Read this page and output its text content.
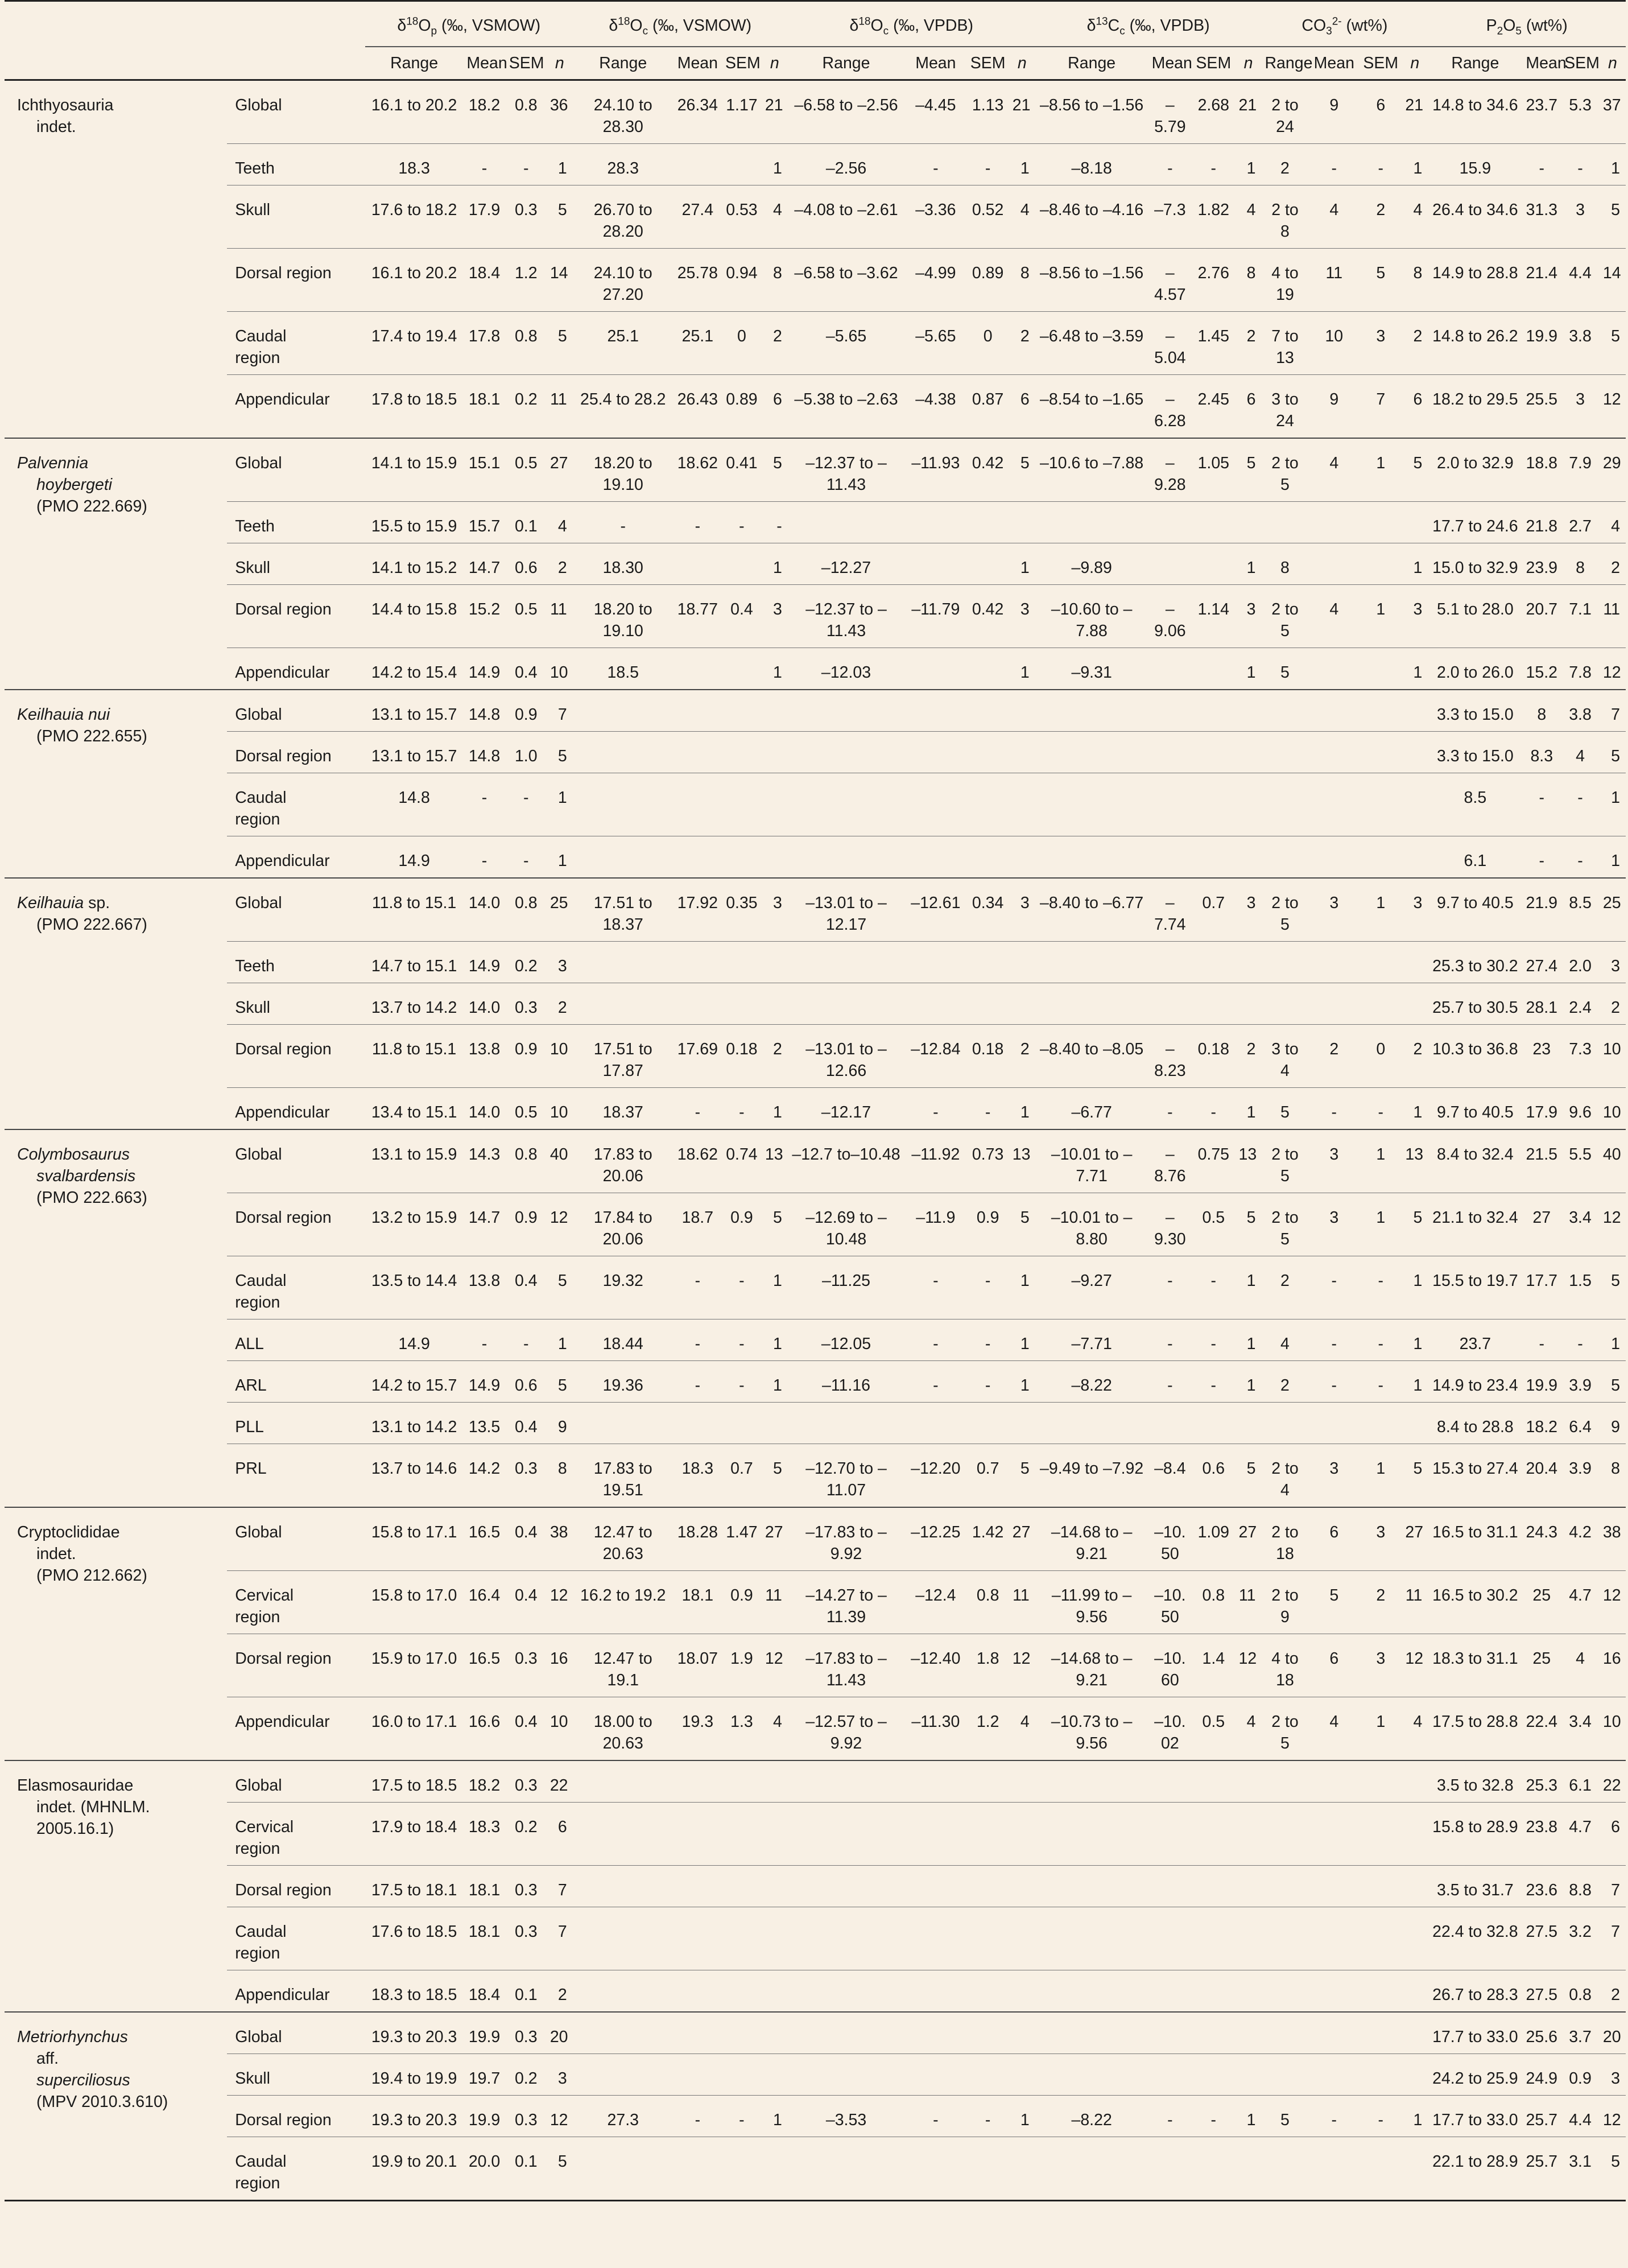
		$\delta^{18}O_p$ (‰, VSMOW)				$\delta^{18}O_c$ (‰, VSMOW)				$\delta^{18}O_c$ (‰, VPDB)				$\delta^{13}C_c$ (‰, VPDB)				$CO_3^{2-}$ (wt%)				$P_2O_5$ (wt%)			
		Range	Mean	SEM	n	Range	Mean	SEM	n	Range	Mean	SEM	n	Range	Mean	SEM	n	Range	Mean	SEM	n	Range	Mean	SEM	n
Ichthyosauria
indet.	Global	16.1 to 20.2	18.2	0.8	36	24.10 to 28.30	26.34	1.17	21	–6.58 to –2.56	–4.45	1.13	21	–8.56 to –1.56	–5.79	2.68	21	2 to 24	9	6	21	14.8 to 34.6	23.7	5.3	37
	Teeth	18.3	-	-	1	28.3			1	–2.56	-	-	1	–8.18	-	-	1	2	-	-	1	15.9	-	-	1
	Skull	17.6 to 18.2	17.9	0.3	5	26.70 to 28.20	27.4	0.53	4	–4.08 to –2.61	–3.36	0.52	4	–8.46 to –4.16	–7.3	1.82	4	2 to 8	4	2	4	26.4 to 34.6	31.3	3	5
	Dorsal region	16.1 to 20.2	18.4	1.2	14	24.10 to 27.20	25.78	0.94	8	–6.58 to –3.62	–4.99	0.89	8	–8.56 to –1.56	–4.57	2.76	8	4 to 19	11	5	8	14.9 to 28.8	21.4	4.4	14
	Caudal region	17.4 to 19.4	17.8	0.8	5	25.1	25.1	0	2	–5.65	–5.65	0	2	–6.48 to –3.59	–5.04	1.45	2	7 to 13	10	3	2	14.8 to 26.2	19.9	3.8	5
	Appendicular	17.8 to 18.5	18.1	0.2	11	25.4 to 28.2	26.43	0.89	6	–5.38 to –2.63	–4.38	0.87	6	–8.54 to –1.65	–6.28	2.45	6	3 to 24	9	7	6	18.2 to 29.5	25.5	3	12
Palvennia
hoybergeti
(PMO 222.669)	Global	14.1 to 15.9	15.1	0.5	27	18.20 to 19.10	18.62	0.41	5	–12.37 to –11.43	–11.93	0.42	5	–10.6 to –7.88	–9.28	1.05	5	2 to 5	4	1	5	2.0 to 32.9	18.8	7.9	29
	Teeth	15.5 to 15.9	15.7	0.1	4	-	-	-	-													17.7 to 24.6	21.8	2.7	4
	Skull	14.1 to 15.2	14.7	0.6	2	18.30			1	–12.27			1	–9.89			1	8			1	15.0 to 32.9	23.9	8	2
	Dorsal region	14.4 to 15.8	15.2	0.5	11	18.20 to 19.10	18.77	0.4	3	–12.37 to –11.43	–11.79	0.42	3	–10.60 to –7.88	–9.06	1.14	3	2 to 5	4	1	3	5.1 to 28.0	20.7	7.1	11
	Appendicular	14.2 to 15.4	14.9	0.4	10	18.5			1	–12.03			1	–9.31			1	5			1	2.0 to 26.0	15.2	7.8	12
Keilhauia nui
(PMO 222.655)	Global	13.1 to 15.7	14.8	0.9	7																	3.3 to 15.0	8	3.8	7
	Dorsal region	13.1 to 15.7	14.8	1.0	5																	3.3 to 15.0	8.3	4	5
	Caudal region	14.8	-	-	1																	8.5	-	-	1
	Appendicular	14.9	-	-	1																	6.1	-	-	1
Keilhauia sp.
(PMO 222.667)	Global	11.8 to 15.1	14.0	0.8	25	17.51 to 18.37	17.92	0.35	3	–13.01 to –12.17	–12.61	0.34	3	–8.40 to –6.77	–7.74	0.7	3	2 to 5	3	1	3	9.7 to 40.5	21.9	8.5	25
	Teeth	14.7 to 15.1	14.9	0.2	3																	25.3 to 30.2	27.4	2.0	3
	Skull	13.7 to 14.2	14.0	0.3	2																	25.7 to 30.5	28.1	2.4	2
	Dorsal region	11.8 to 15.1	13.8	0.9	10	17.51 to 17.87	17.69	0.18	2	–13.01 to –12.66	–12.84	0.18	2	–8.40 to –8.05	–8.23	0.18	2	3 to 4	2	0	2	10.3 to 36.8	23	7.3	10
	Appendicular	13.4 to 15.1	14.0	0.5	10	18.37	-	-	1	–12.17	-	-	1	–6.77	-	-	1	5	-	-	1	9.7 to 40.5	17.9	9.6	10
Colymbosaurus
svalbardensis
(PMO 222.663)	Global	13.1 to 15.9	14.3	0.8	40	17.83 to 20.06	18.62	0.74	13	–12.7 to–10.48	–11.92	0.73	13	–10.01 to –7.71	–8.76	0.75	13	2 to 5	3	1	13	8.4 to 32.4	21.5	5.5	40
	Dorsal region	13.2 to 15.9	14.7	0.9	12	17.84 to 20.06	18.7	0.9	5	–12.69 to –10.48	–11.9	0.9	5	–10.01 to –8.80	–9.30	0.5	5	2 to 5	3	1	5	21.1 to 32.4	27	3.4	12
	Caudal region	13.5 to 14.4	13.8	0.4	5	19.32	-	-	1	–11.25	-	-	1	–9.27	-	-	1	2	-	-	1	15.5 to 19.7	17.7	1.5	5
	ALL	14.9	-	-	1	18.44	-	-	1	–12.05	-	-	1	–7.71	-	-	1	4	-	-	1	23.7	-	-	1
	ARL	14.2 to 15.7	14.9	0.6	5	19.36	-	-	1	–11.16	-	-	1	–8.22	-	-	1	2	-	-	1	14.9 to 23.4	19.9	3.9	5
	PLL	13.1 to 14.2	13.5	0.4	9																	8.4 to 28.8	18.2	6.4	9
	PRL	13.7 to 14.6	14.2	0.3	8	17.83 to 19.51	18.3	0.7	5	–12.70 to –11.07	–12.20	0.7	5	–9.49 to –7.92	–8.4	0.6	5	2 to 4	3	1	5	15.3 to 27.4	20.4	3.9	8
Cryptoclididae
indet.
(PMO 212.662)	Global	15.8 to 17.1	16.5	0.4	38	12.47 to 20.63	18.28	1.47	27	–17.83 to –9.92	–12.25	1.42	27	–14.68 to – 9.21	–10. 50	1.09	27	2 to 18	6	3	27	16.5 to 31.1	24.3	4.2	38
	Cervical region	15.8 to 17.0	16.4	0.4	12	16.2 to 19.2	18.1	0.9	11	–14.27 to – 11.39	–12.4	0.8	11	–11.99 to – 9.56	–10. 50	0.8	11	2 to 9	5	2	11	16.5 to 30.2	25	4.7	12
	Dorsal region	15.9 to 17.0	16.5	0.3	16	12.47 to 19.1	18.07	1.9	12	–17.83 to – 11.43	–12.40	1.8	12	–14.68 to – 9.21	–10. 60	1.4	12	4 to 18	6	3	12	18.3 to 31.1	25	4	16
	Appendicular	16.0 to 17.1	16.6	0.4	10	18.00 to 20.63	19.3	1.3	4	–12.57 to –9.92	–11.30	1.2	4	–10.73 to – 9.56	–10. 02	0.5	4	2 to 5	4	1	4	17.5 to 28.8	22.4	3.4	10
Elasmosauridae
indet. (MHNLM.
2005.16.1)	Global	17.5 to 18.5	18.2	0.3	22																	3.5 to 32.8	25.3	6.1	22
	Cervical region	17.9 to 18.4	18.3	0.2	6																	15.8 to 28.9	23.8	4.7	6
	Dorsal region	17.5 to 18.1	18.1	0.3	7																	3.5 to 31.7	23.6	8.8	7
	Caudal region	17.6 to 18.5	18.1	0.3	7																	22.4 to 32.8	27.5	3.2	7
	Appendicular	18.3 to 18.5	18.4	0.1	2																	26.7 to 28.3	27.5	0.8	2
Metriorhynchus
aff.
superciliosus
(MPV 2010.3.610)	Global	19.3 to 20.3	19.9	0.3	20																	17.7 to 33.0	25.6	3.7	20
	Skull	19.4 to 19.9	19.7	0.2	3																	24.2 to 25.9	24.9	0.9	3
	Dorsal region	19.3 to 20.3	19.9	0.3	12	27.3	-	-	1	–3.53	-	-	1	–8.22	-	-	1	5	-	-	1	17.7 to 33.0	25.7	4.4	12
	Caudal region	19.9 to 20.1	20.0	0.1	5																	22.1 to 28.9	25.7	3.1	5
